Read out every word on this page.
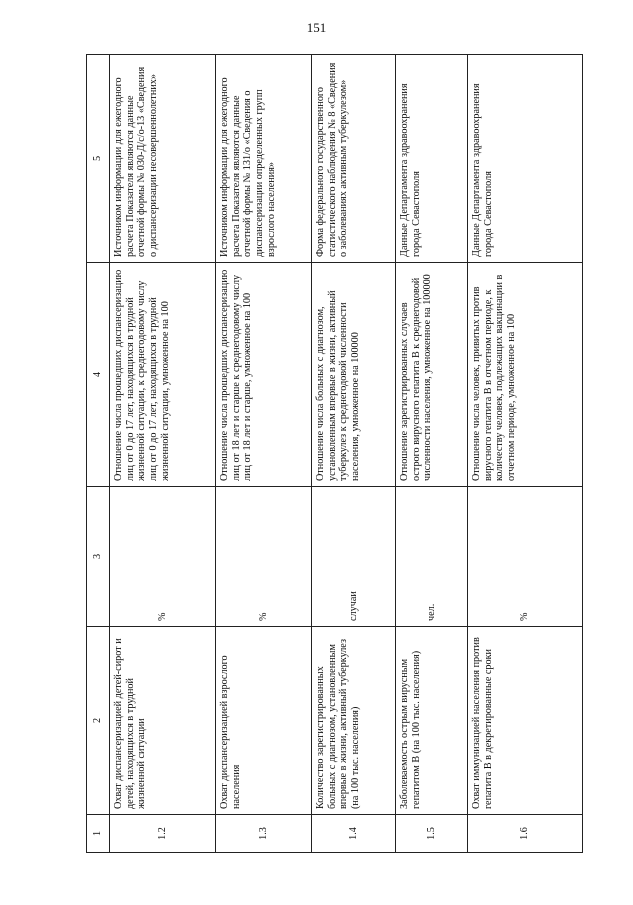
151
1	2	3	4	5
1.2	Охват диспансеризацией детей-сирот и детей, находящихся в трудной жизненной ситуации	%	Отношение числа прошедших диспансеризацию лиц от 0 до 17 лет, находящихся в трудной жизненной ситуации, к среднегодовому числу лиц от 0 до 17 лет, находящихся в трудной жизненной ситуации, умноженное на 100	Источником информации для ежегодного расчета Показателя являются данные отчетной формы № 030-Д/с/о-13 «Сведения о диспансеризации несовершеннолетних»
1.3	Охват диспансеризацией взрослого населения	%	Отношение числа прошедших диспансеризацию лиц от 18 лет и старше к среднегодовому числу лиц от 18 лет и старше, умноженное на 100	Источником информации для ежегодного расчета Показателя являются данные отчетной формы № 131/о «Сведения о диспансеризации определенных групп взрослого населения»
1.4	Количество зарегистрированных больных с диагнозом, установленным впервые в жизни, активный туберкулез (на 100 тыс. населения)	случаи	Отношение числа больных с диагнозом, установленным впервые в жизни, активный туберкулез к среднегодовой численности населения, умноженное на 100000	Форма федерального государственного статистического наблюдения № 8 «Сведения о заболеваниях активным туберкулезом»
1.5	Заболеваемость острым вирусным гепатитом В (на 100 тыс. населения)	чел.	Отношение зарегистрированных случаев острого вирусного гепатита В к среднегодовой численности населения, умноженное на 100000	Данные Департамента здравоохранения города Севастополя
1.6	Охват иммунизацией населения против гепатита В в декретированные сроки	%	Отношение числа человек, привитых против вирусного гепатита В в отчетном периоде, к количеству человек, подлежащих вакцинации в отчетном периоде, умноженное на 100	Данные Департамента здравоохранения города Севастополя
